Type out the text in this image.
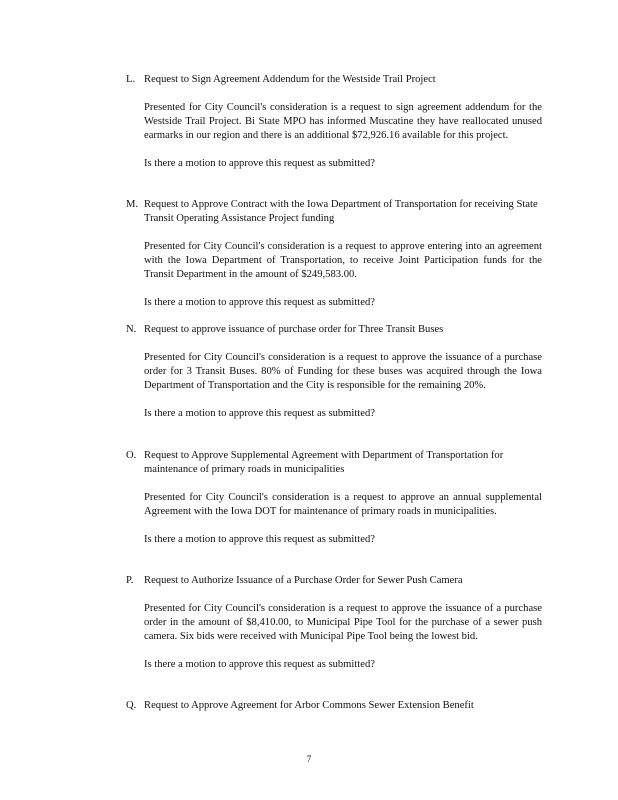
L. Request to Sign Agreement Addendum for the Westside Trail Project

Presented for City Council's consideration is a request to sign agreement addendum for the Westside Trail Project. Bi State MPO has informed Muscatine they have reallocated unused earmarks in our region and there is an additional $72,926.16 available for this project.

Is there a motion to approve this request as submitted?

M. Request to Approve Contract with the Iowa Department of Transportation for receiving State Transit Operating Assistance Project funding

Presented for City Council's consideration is a request to approve entering into an agreement with the Iowa Department of Transportation, to receive Joint Participation funds for the Transit Department in the amount of $249,583.00.

Is there a motion to approve this request as submitted?

N. Request to approve issuance of purchase order for Three Transit Buses

Presented for City Council's consideration is a request to approve the issuance of a purchase order for 3 Transit Buses. 80% of Funding for these buses was acquired through the Iowa Department of Transportation and the City is responsible for the remaining 20%.

Is there a motion to approve this request as submitted?

O. Request to Approve Supplemental Agreement with Department of Transportation for maintenance of primary roads in municipalities

Presented for City Council's consideration is a request to approve an annual supplemental Agreement with the Iowa DOT for maintenance of primary roads in municipalities.

Is there a motion to approve this request as submitted?

P. Request to Authorize Issuance of a Purchase Order for Sewer Push Camera

Presented for City Council's consideration is a request to approve the issuance of a purchase order in the amount of $8,410.00, to Municipal Pipe Tool for the purchase of a sewer push camera. Six bids were received with Municipal Pipe Tool being the lowest bid.

Is there a motion to approve this request as submitted?

Q. Request to Approve Agreement for Arbor Commons Sewer Extension Benefit

7
